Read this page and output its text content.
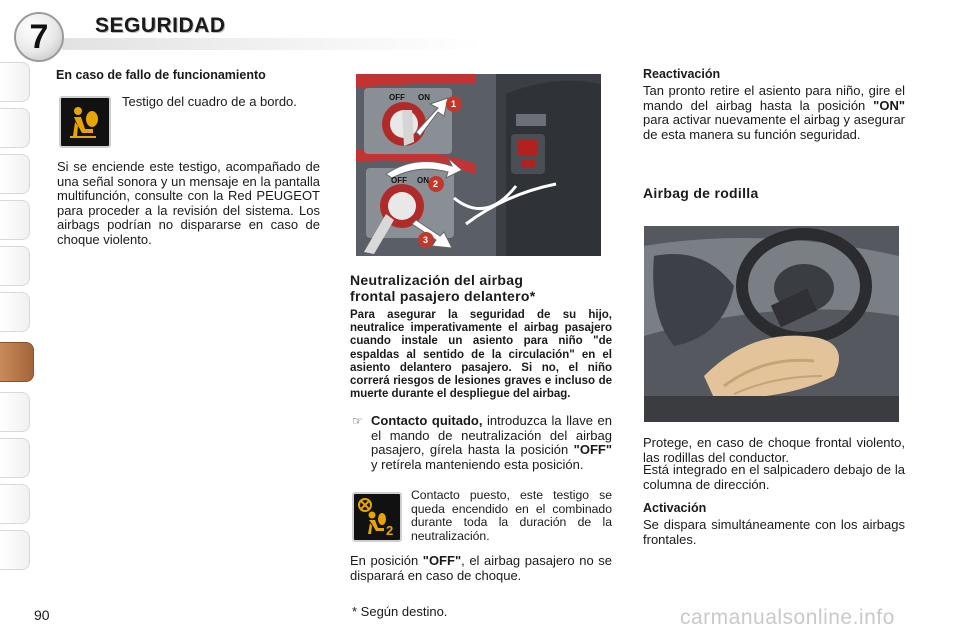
7	SEGURIDAD
En caso de fallo de funcionamiento
Testigo del cuadro de a bordo.
Si se enciende este testigo, acompañado de una señal sonora y un mensaje en la pantalla multifunción, consulte con la Red PEUGEOT para proceder a la revisión del sistema. Los airbags podrían no dispararse en caso de choque violento.
OFF ON
1
OFF ON 2
3
Neutralización del airbag
frontal pasajero delantero*
Para asegurar la seguridad de su hijo, neutralice imperativamente el airbag pasajero cuando instale un asiento para niño "de espaldas al sentido de la circulación" en el asiento delantero pasajero. Si no, el niño correrá riesgos de lesiones graves e incluso de muerte durante el despliegue del airbag.
☞ Contacto quitado, introduzca la llave en el mando de neutralización del airbag pasajero, gírela hasta la posición "OFF" y retírela manteniendo esta posición.
2
Contacto puesto, este testigo se queda encendido en el combinado durante toda la duración de la neutralización.
En posición "OFF", el airbag pasajero no se disparará en caso de choque.
Reactivación
Tan pronto retire el asiento para niño, gire el mando del airbag hasta la posición "ON" para activar nuevamente el airbag y asegurar de esta manera su función seguridad.
Airbag de rodilla
Protege, en caso de choque frontal violento, las rodillas del conductor.
Está integrado en el salpicadero debajo de la columna de dirección.
Activación
Se dispara simultáneamente con los airbags frontales.
90	* Según destino.	carmanualsonline.info
